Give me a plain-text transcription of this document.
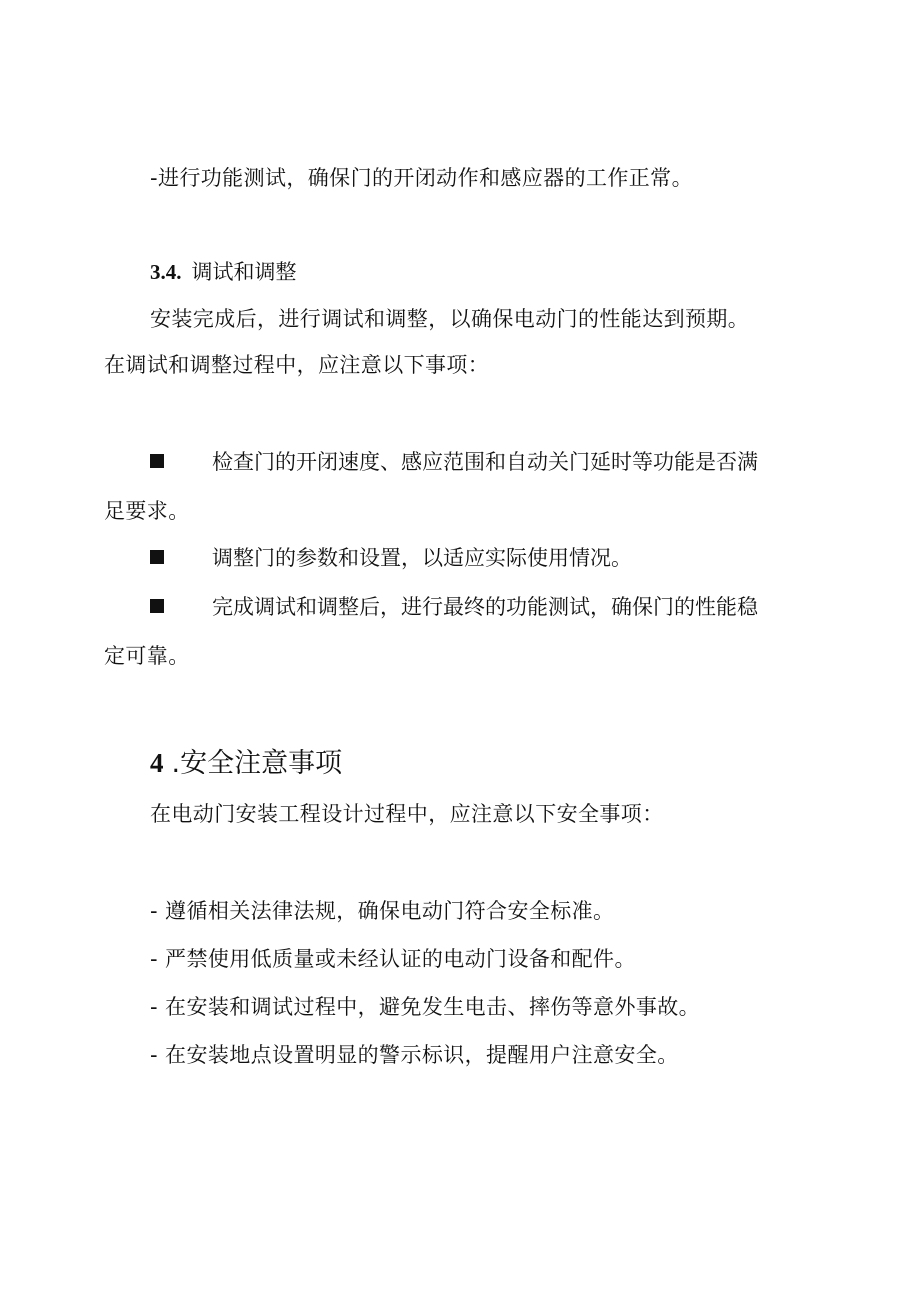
-进行功能测试，确保门的开闭动作和感应器的工作正常。
3.4. 调试和调整
安装完成后，进行调试和调整，以确保电动门的性能达到预期。
在调试和调整过程中，应注意以下事项：
检查门的开闭速度、感应范围和自动关门延时等功能是否满
足要求。
调整门的参数和设置，以适应实际使用情况。
完成调试和调整后，进行最终的功能测试，确保门的性能稳
定可靠。
4 .安全注意事项
在电动门安装工程设计过程中，应注意以下安全事项：
- 遵循相关法律法规，确保电动门符合安全标准。
- 严禁使用低质量或未经认证的电动门设备和配件。
- 在安装和调试过程中，避免发生电击、摔伤等意外事故。
- 在安装地点设置明显的警示标识，提醒用户注意安全。
